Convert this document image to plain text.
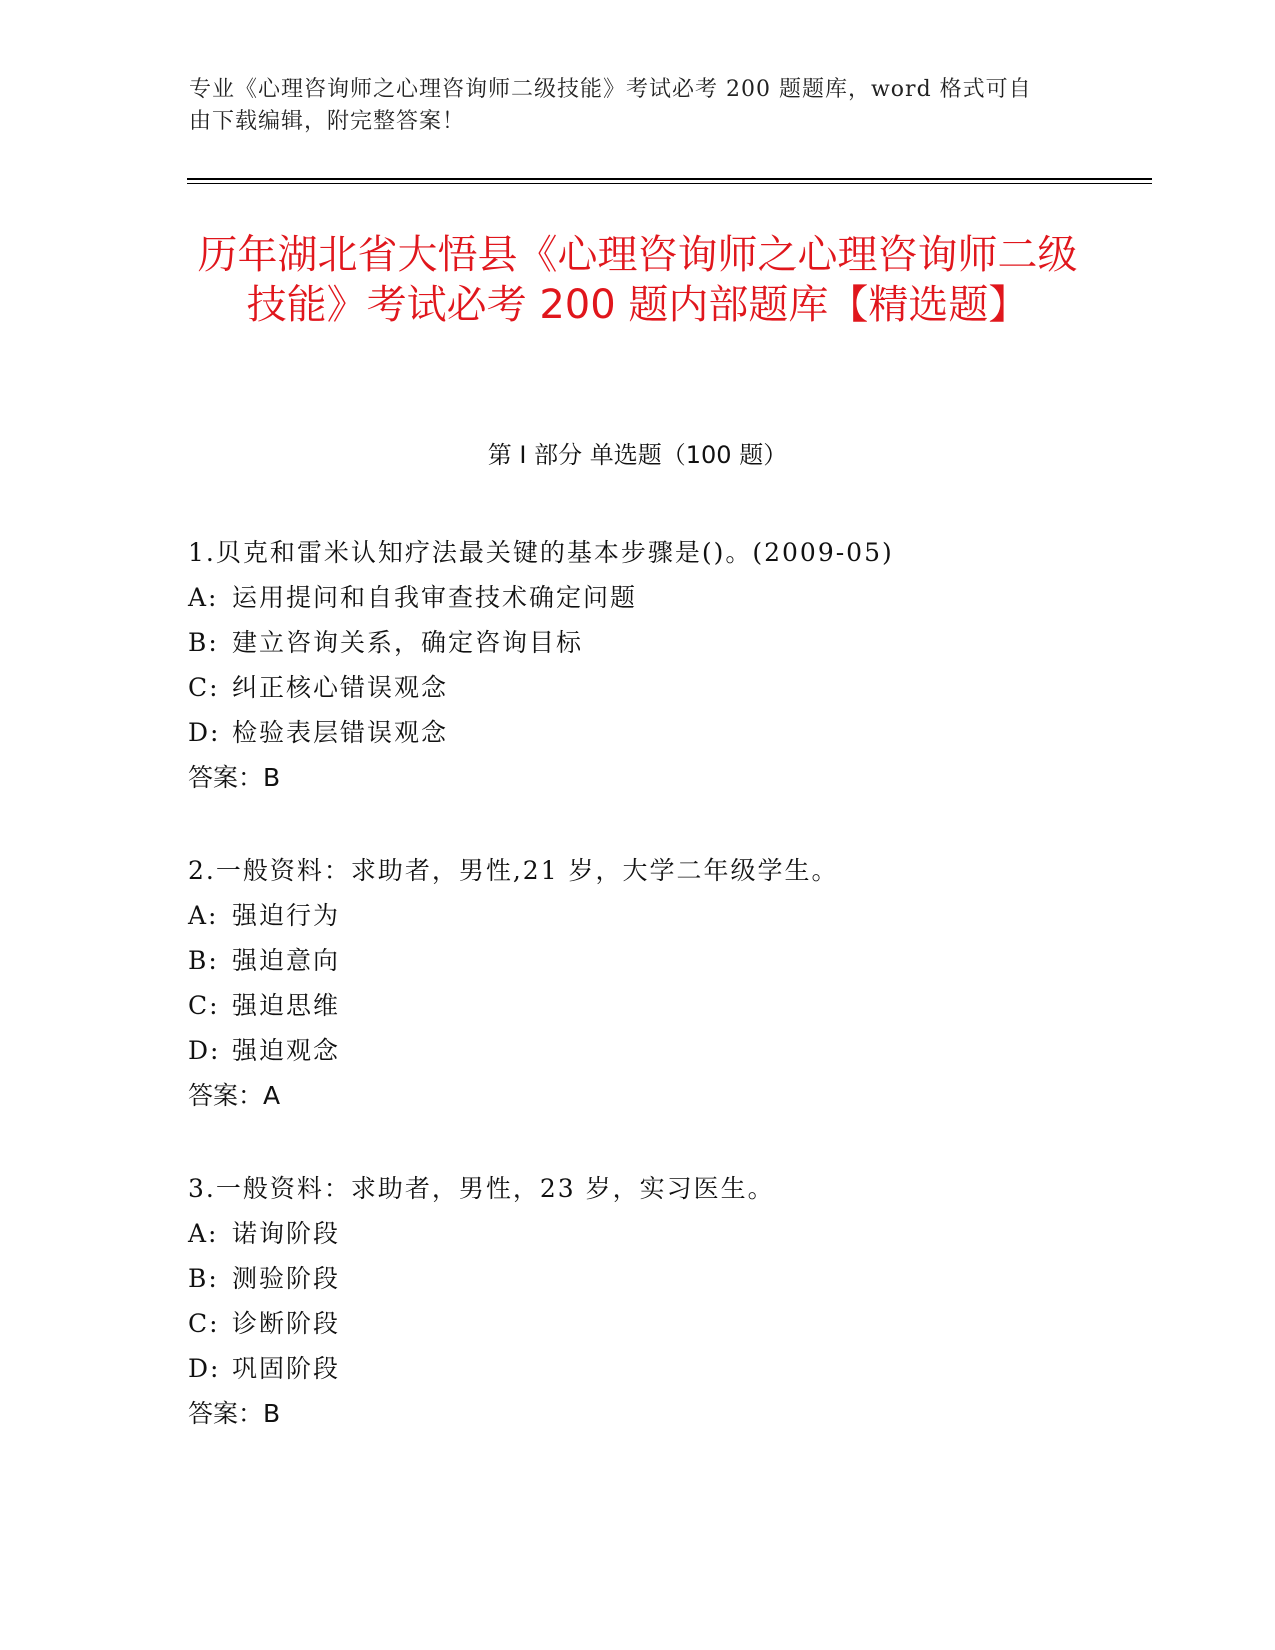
专业《心理咨询师之心理咨询师二级技能》考试必考 200 题题库，word 格式可自
由下载编辑，附完整答案！
历年湖北省大悟县《心理咨询师之心理咨询师二级技能》考试必考 200 题内部题库【精选题】
第 I 部分 单选题（100 题）
1.贝克和雷米认知疗法最关键的基本步骤是()。(2009-05)
A: 运用提问和自我审查技术确定问题
B: 建立咨询关系，确定咨询目标
C: 纠正核心错误观念
D: 检验表层错误观念
答案：B
2.一般资料：求助者，男性,21 岁，大学二年级学生。
A: 强迫行为
B: 强迫意向
C: 强迫思维
D: 强迫观念
答案：A
3.一般资料：求助者，男性，23 岁，实习医生。
A: 诺询阶段
B: 测验阶段
C: 诊断阶段
D: 巩固阶段
答案：B
